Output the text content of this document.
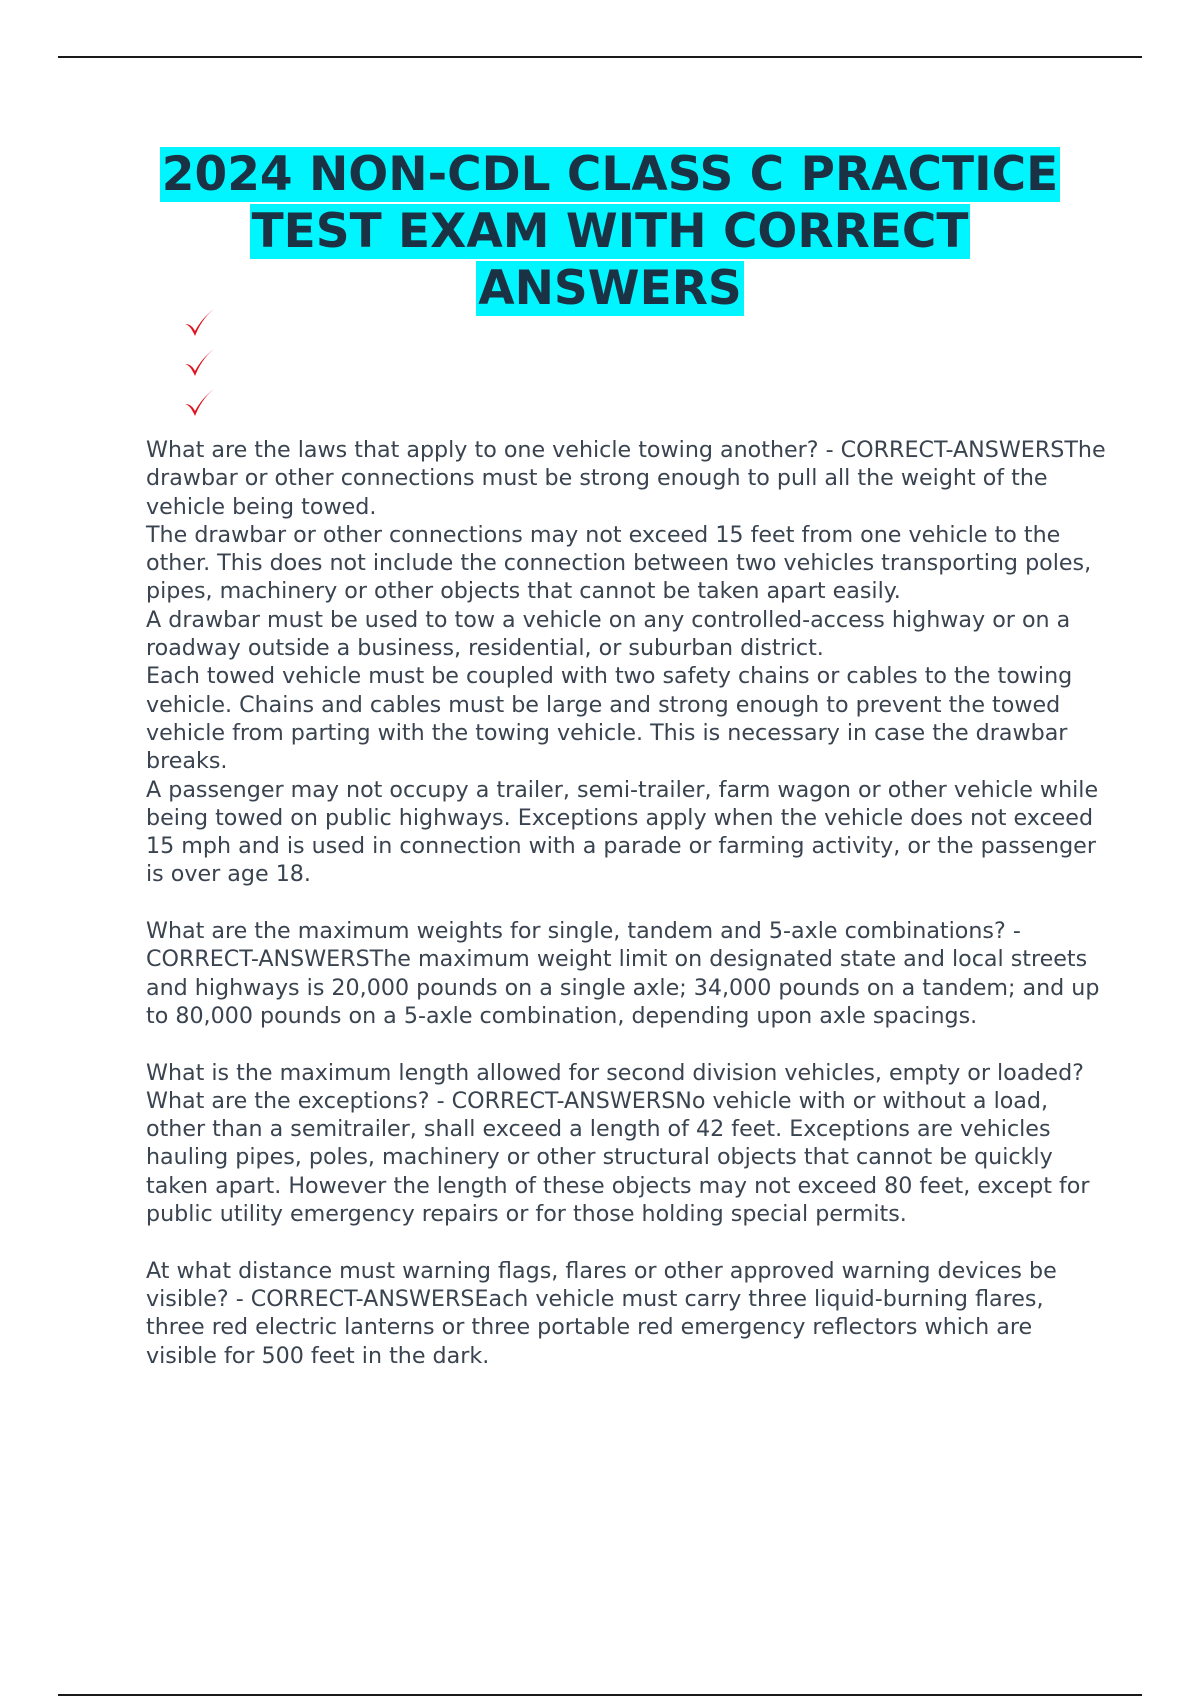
2024 NON-CDL CLASS C PRACTICE TEST EXAM WITH CORRECT ANSWERS

What are the laws that apply to one vehicle towing another? - CORRECT-ANSWERSThe drawbar or other connections must be strong enough to pull all the weight of the vehicle being towed.

The drawbar or other connections may not exceed 15 feet from one vehicle to the other. This does not include the connection between two vehicles transporting poles, pipes, machinery or other objects that cannot be taken apart easily.

A drawbar must be used to tow a vehicle on any controlled-access highway or on a roadway outside a business, residential, or suburban district.

Each towed vehicle must be coupled with two safety chains or cables to the towing vehicle. Chains and cables must be large and strong enough to prevent the towed vehicle from parting with the towing vehicle. This is necessary in case the drawbar breaks.

A passenger may not occupy a trailer, semi-trailer, farm wagon or other vehicle while being towed on public highways. Exceptions apply when the vehicle does not exceed 15 mph and is used in connection with a parade or farming activity, or the passenger is over age 18.

What are the maximum weights for single, tandem and 5-axle combinations? - CORRECT-ANSWERSThe maximum weight limit on designated state and local streets and highways is 20,000 pounds on a single axle; 34,000 pounds on a tandem; and up to 80,000 pounds on a 5-axle combination, depending upon axle spacings.

What is the maximum length allowed for second division vehicles, empty or loaded? What are the exceptions? - CORRECT-ANSWERSNo vehicle with or without a load, other than a semitrailer, shall exceed a length of 42 feet. Exceptions are vehicles hauling pipes, poles, machinery or other structural objects that cannot be quickly taken apart. However the length of these objects may not exceed 80 feet, except for public utility emergency repairs or for those holding special permits.

At what distance must warning flags, flares or other approved warning devices be visible? - CORRECT-ANSWERSEach vehicle must carry three liquid-burning flares, three red electric lanterns or three portable red emergency reflectors which are visible for 500 feet in the dark.
